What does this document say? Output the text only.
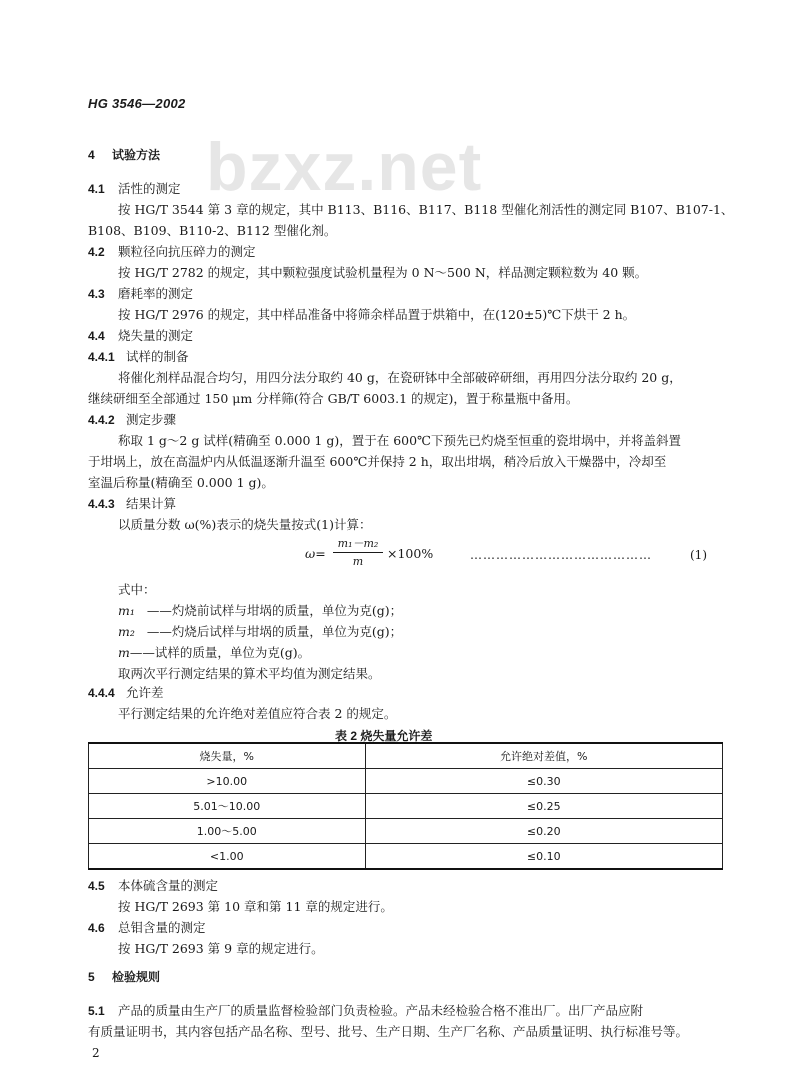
bzxz.net
HG 3546—2002
4 试验方法
4.1 活性的测定
按 HG/T 3544 第 3 章的规定，其中 B113、B116、B117、B118 型催化剂活性的测定同 B107、B107-1、
B108、B109、B110-2、B112 型催化剂。
4.2 颗粒径向抗压碎力的测定
按 HG/T 2782 的规定，其中颗粒强度试验机量程为 0 N～500 N，样品测定颗粒数为 40 颗。
4.3 磨耗率的测定
按 HG/T 2976 的规定，其中样品准备中将筛余样品置于烘箱中，在(120±5)℃下烘干 2 h。
4.4 烧失量的测定
4.4.1 试样的制备
将催化剂样品混合均匀，用四分法分取约 40 g，在瓷研钵中全部破碎研细，再用四分法分取约 20 g，
继续研细至全部通过 150 μm 分样筛(符合 GB/T 6003.1 的规定)，置于称量瓶中备用。
4.4.2 测定步骤
称取 1 g～2 g 试样(精确至 0.000 1 g)，置于在 600℃下预先已灼烧至恒重的瓷坩埚中，并将盖斜置
于坩埚上，放在高温炉内从低温逐渐升温至 600℃并保持 2 h，取出坩埚，稍冷后放入干燥器中，冷却至
室温后称量(精确至 0.000 1 g)。
4.4.3 结果计算
以质量分数 ω(%)表示的烧失量按式(1)计算：
$\omega= \frac{\text{m₁－m₂}}{m} \times 100\%$	……………………………………	(1)
式中：
m₁ ——灼烧前试样与坩埚的质量，单位为克(g)；
m₂ ——灼烧后试样与坩埚的质量，单位为克(g)；
m——试样的质量，单位为克(g)。
取两次平行测定结果的算术平均值为测定结果。
4.4.4 允许差
平行测定结果的允许绝对差值应符合表 2 的规定。
表 2 烧失量允许差
烧失量，%	允许绝对差值，%
>10.00	≤0.30
5.01～10.00	≤0.25
1.00～5.00	≤0.20
<1.00	≤0.10
4.5 本体硫含量的测定
按 HG/T 2693 第 10 章和第 11 章的规定进行。
4.6 总钼含量的测定
按 HG/T 2693 第 9 章的规定进行。
5 检验规则
5.1 产品的质量由生产厂的质量监督检验部门负责检验。产品未经检验合格不准出厂。出厂产品应附
有质量证明书，其内容包括产品名称、型号、批号、生产日期、生产厂名称、产品质量证明、执行标准号等。
2
